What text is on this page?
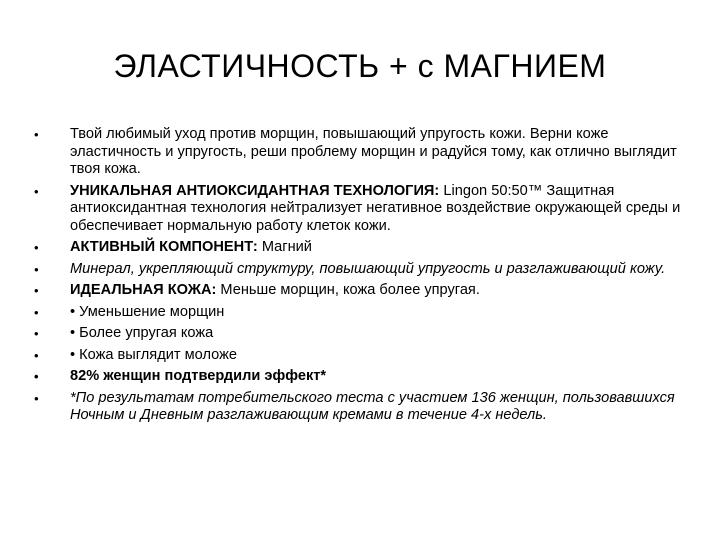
ЭЛАСТИЧНОСТЬ + с МАГНИЕМ
•	Твой любимый уход против морщин, повышающий упругость кожи. Верни коже эластичность и упругость, реши проблему морщин и радуйся тому, как отлично выглядит твоя кожа.
•	УНИКАЛЬНАЯ АНТИОКСИДАНТНАЯ ТЕХНОЛОГИЯ: Lingon 50:50™ Защитная антиоксидантная технология нейтрализует негативное воздействие окружающей среды и обеспечивает нормальную работу клеток кожи.
•	АКТИВНЫЙ КОМПОНЕНТ: Магний
•	Минерал, укрепляющий структуру, повышающий упругость и разглаживающий кожу.
•	ИДЕАЛЬНАЯ КОЖА: Меньше морщин, кожа более упругая.
•	• Уменьшение морщин
•	• Более упругая кожа
•	• Кожа выглядит моложе
•	82% женщин подтвердили эффект*
•	*По результатам потребительского теста с участием 136 женщин, пользовавшихся Ночным и Дневным разглаживающим кремами в течение 4-х недель.
